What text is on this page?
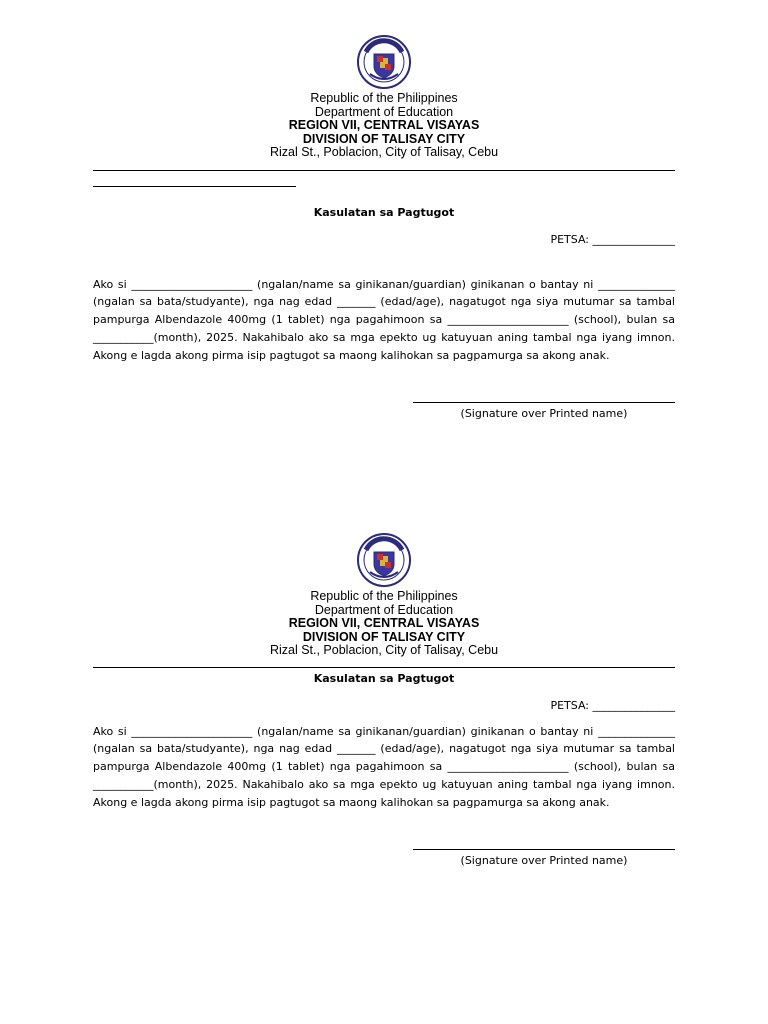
Republic of the Philippines
Department of Education
REGION VII, CENTRAL VISAYAS
DIVISION OF TALISAY CITY
Rizal St., Poblacion, City of Talisay, Cebu
Kasulatan sa Pagtugot
PETSA: _______________
Ako si ______________________ (ngalan/name sa ginikanan/guardian) ginikanan o bantay ni ______________ (ngalan sa bata/studyante), nga nag edad _______ (edad/age), nagatugot nga siya mutumar sa tambal pampurga Albendazole 400mg (1 tablet) nga pagahimoon sa ______________________ (school), bulan sa ___________(month), 2025. Nakahibalo ako sa mga epekto ug katuyuan aning tambal nga iyang imnon. Akong e lagda akong pirma isip pagtugot sa maong kalihokan sa pagpamurga sa akong anak.
(Signature over Printed name)
Republic of the Philippines
Department of Education
REGION VII, CENTRAL VISAYAS
DIVISION OF TALISAY CITY
Rizal St., Poblacion, City of Talisay, Cebu
Kasulatan sa Pagtugot
PETSA: _______________
Ako si ______________________ (ngalan/name sa ginikanan/guardian) ginikanan o bantay ni ______________ (ngalan sa bata/studyante), nga nag edad _______ (edad/age), nagatugot nga siya mutumar sa tambal pampurga Albendazole 400mg (1 tablet) nga pagahimoon sa ______________________ (school), bulan sa ___________(month), 2025. Nakahibalo ako sa mga epekto ug katuyuan aning tambal nga iyang imnon. Akong e lagda akong pirma isip pagtugot sa maong kalihokan sa pagpamurga sa akong anak.
(Signature over Printed name)
